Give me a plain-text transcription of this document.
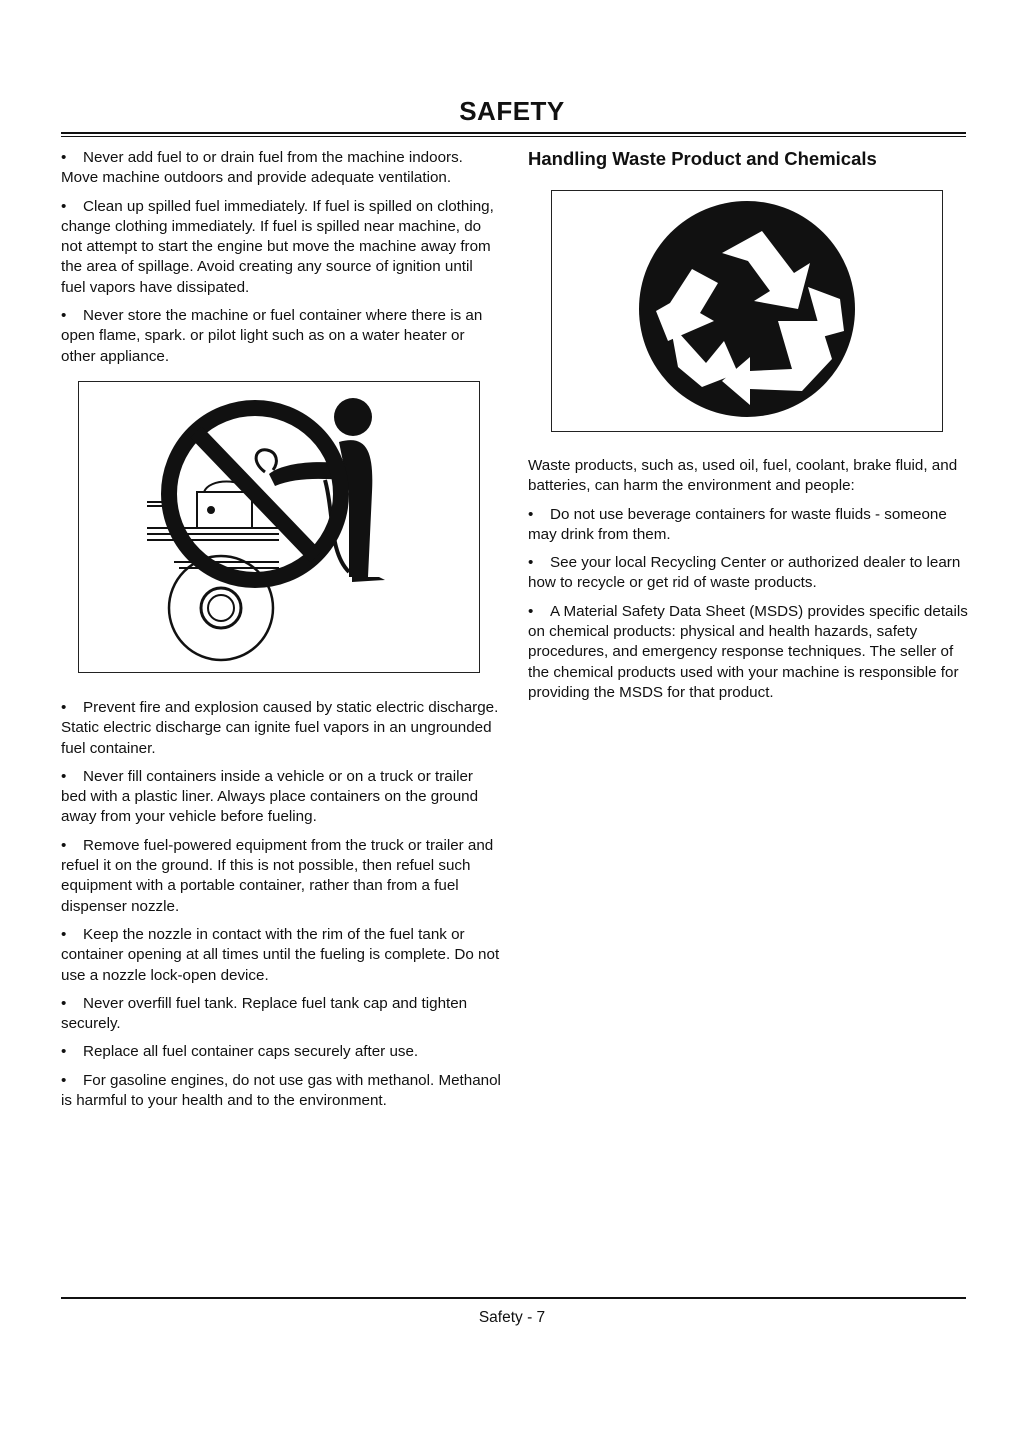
SAFETY

• Never add fuel to or drain fuel from the machine indoors. Move machine outdoors and provide adequate ventilation.

• Clean up spilled fuel immediately. If fuel is spilled on clothing, change clothing immediately. If fuel is spilled near machine, do not attempt to start the engine but move the machine away from the area of spillage. Avoid creating any source of ignition until fuel vapors have dissipated.

• Never store the machine or fuel container where there is an open flame, spark. or pilot light such as on a water heater or other appliance.

• Prevent fire and explosion caused by static electric discharge. Static electric discharge can ignite fuel vapors in an ungrounded fuel container.

• Never fill containers inside a vehicle or on a truck or trailer bed with a plastic liner. Always place containers on the ground away from your vehicle before fueling.

• Remove fuel-powered equipment from the truck or trailer and refuel it on the ground. If this is not possible, then refuel such equipment with a portable container, rather than from a fuel dispenser nozzle.

• Keep the nozzle in contact with the rim of the fuel tank or container opening at all times until the fueling is complete. Do not use a nozzle lock-open device.

• Never overfill fuel tank. Replace fuel tank cap and tighten securely.

• Replace all fuel container caps securely after use.

• For gasoline engines, do not use gas with methanol. Methanol is harmful to your health and to the environment.

Handling Waste Product and Chemicals

Waste products, such as, used oil, fuel, coolant, brake fluid, and batteries, can harm the environment and people:

• Do not use beverage containers for waste fluids - someone may drink from them.

• See your local Recycling Center or authorized dealer to learn how to recycle or get rid of waste products.

• A Material Safety Data Sheet (MSDS) provides specific details on chemical products: physical and health hazards, safety procedures, and emergency response techniques. The seller of the chemical products used with your machine is responsible for providing the MSDS for that product.

Safety - 7
